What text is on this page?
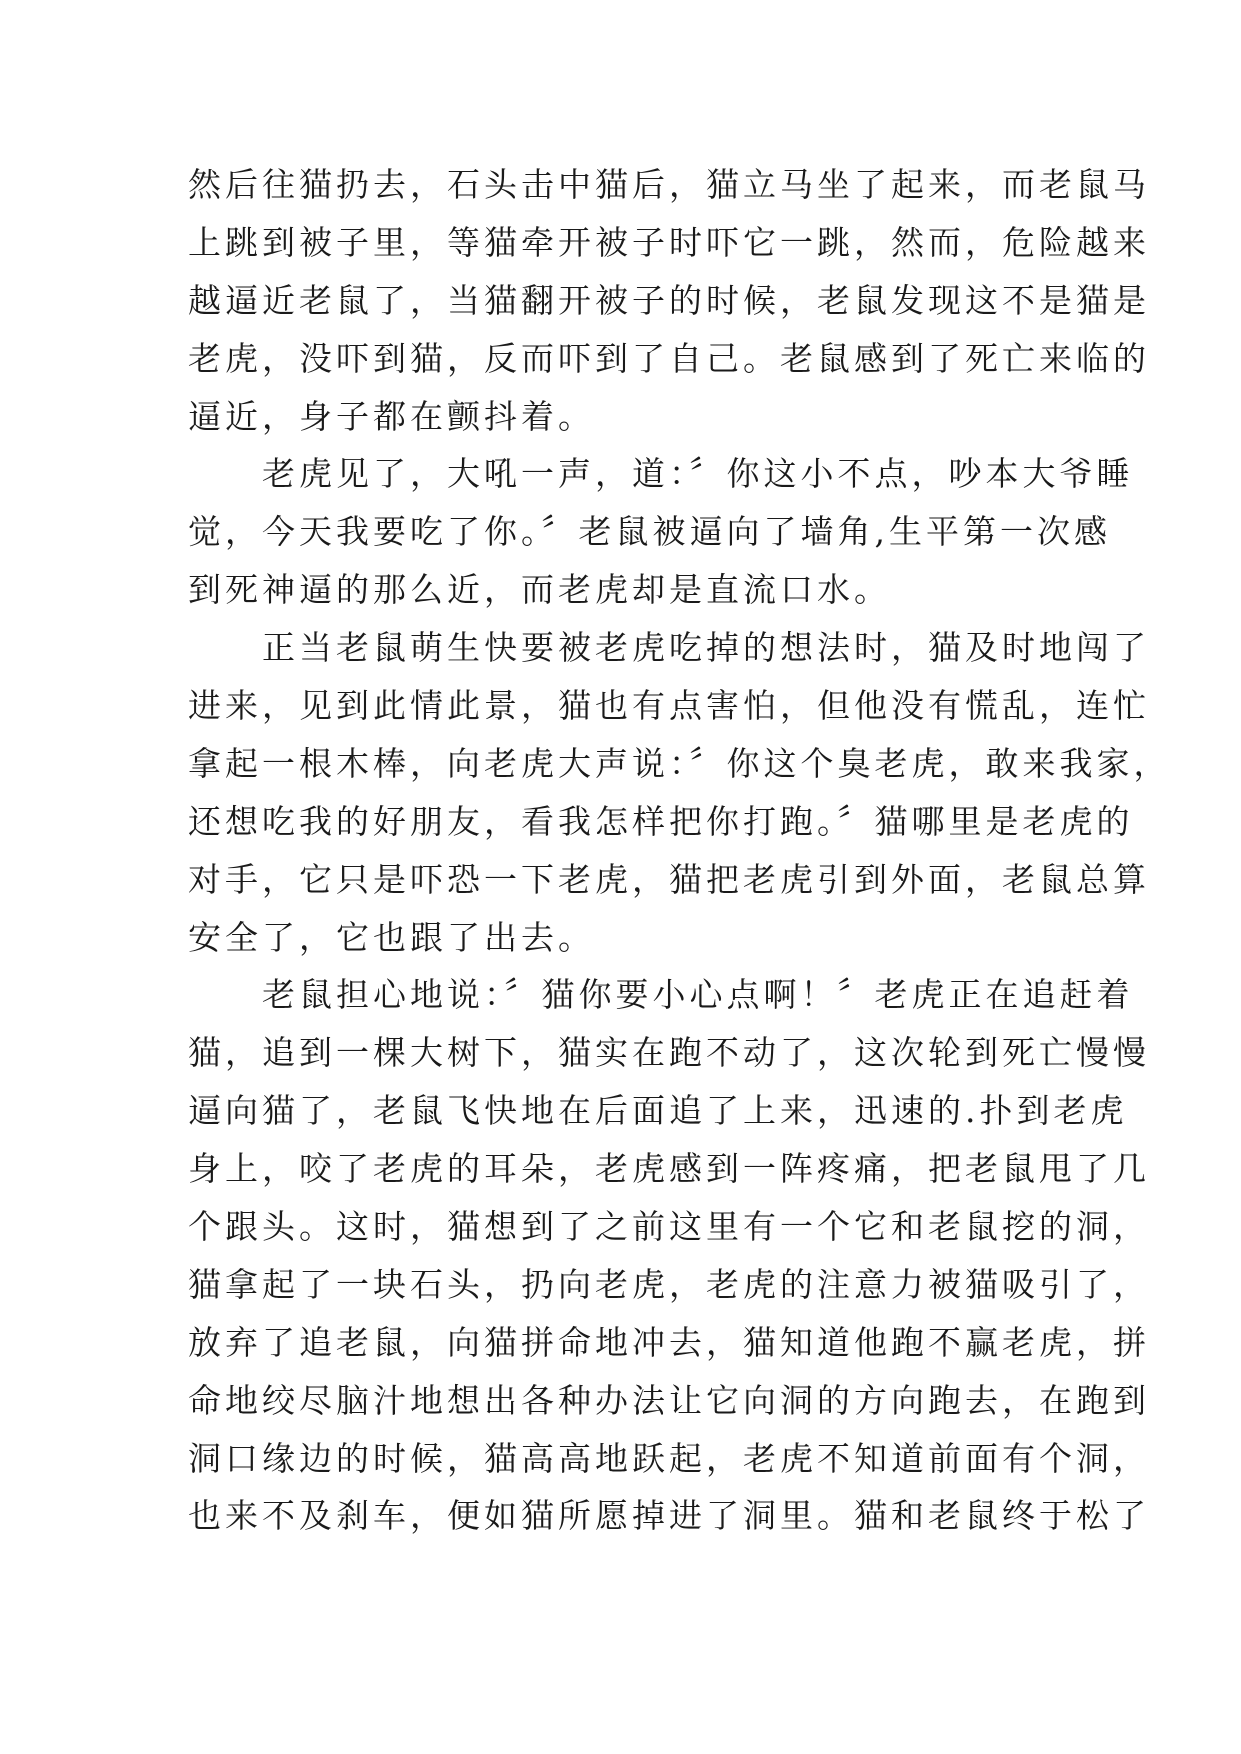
然后往猫扔去，石头击中猫后，猫立马坐了起来，而老鼠马
上跳到被子里，等猫牵开被子时吓它一跳，然而，危险越来
越逼近老鼠了，当猫翻开被子的时候，老鼠发现这不是猫是
老虎，没吓到猫，反而吓到了自己。老鼠感到了死亡来临的
逼近，身子都在颤抖着。
　　老虎见了，大吼一声，道：〞你这小不点，吵本大爷睡
觉，今天我要吃了你。〞老鼠被逼向了墙角,生平第一次感
到死神逼的那么近，而老虎却是直流口水。
　　正当老鼠萌生快要被老虎吃掉的想法时，猫及时地闯了
进来，见到此情此景，猫也有点害怕，但他没有慌乱，连忙
拿起一根木棒，向老虎大声说：〞你这个臭老虎，敢来我家，
还想吃我的好朋友，看我怎样把你打跑。〞猫哪里是老虎的
对手，它只是吓恐一下老虎，猫把老虎引到外面，老鼠总算
安全了，它也跟了出去。
　　老鼠担心地说：〞猫你要小心点啊！〞老虎正在追赶着
猫，追到一棵大树下，猫实在跑不动了，这次轮到死亡慢慢
逼向猫了，老鼠飞快地在后面追了上来，迅速的.扑到老虎
身上，咬了老虎的耳朵，老虎感到一阵疼痛，把老鼠甩了几
个跟头。这时，猫想到了之前这里有一个它和老鼠挖的洞，
猫拿起了一块石头，扔向老虎，老虎的注意力被猫吸引了，
放弃了追老鼠，向猫拼命地冲去，猫知道他跑不赢老虎，拼
命地绞尽脑汁地想出各种办法让它向洞的方向跑去，在跑到
洞口缘边的时候，猫高高地跃起，老虎不知道前面有个洞，
也来不及刹车，便如猫所愿掉进了洞里。猫和老鼠终于松了
